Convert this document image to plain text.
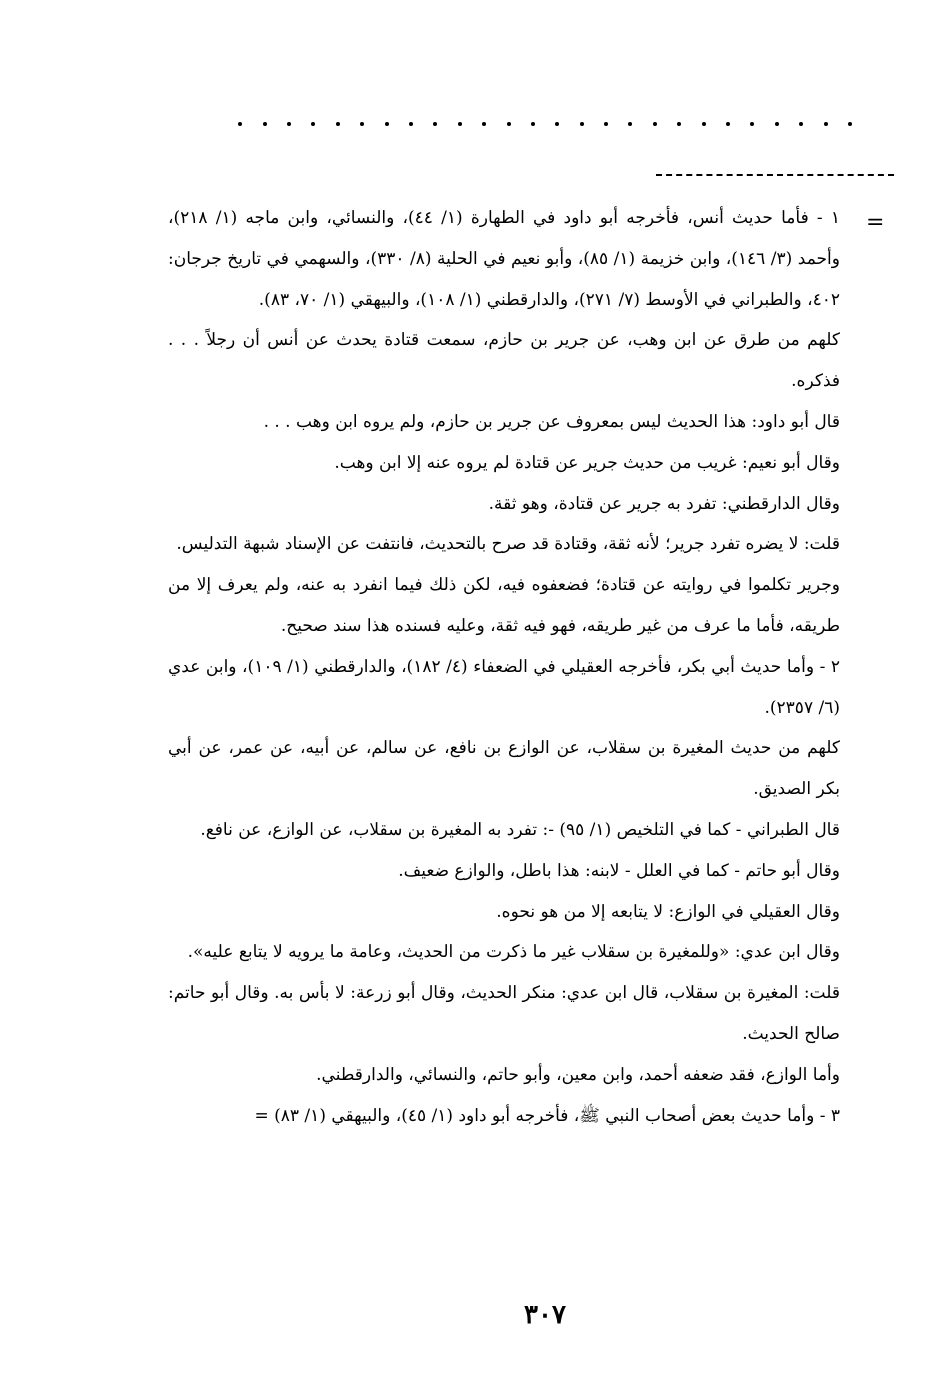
=

١ - فأما حديث أنس، فأخرجه أبو داود في الطهارة (١/ ٤٤)، والنسائي، وابن ماجه (١/ ٢١٨)، وأحمد (٣/ ١٤٦)، وابن خزيمة (١/ ٨٥)، وأبو نعيم في الحلية (٨/ ٣٣٠)، والسهمي في تاريخ جرجان: ٤٠٢، والطبراني في الأوسط (٧/ ٢٧١)، والدارقطني (١/ ١٠٨)، والبيهقي (١/ ٧٠، ٨٣).

كلهم من طرق عن ابن وهب، عن جرير بن حازم، سمعت قتادة يحدث عن أنس أن رجلاً . . . فذكره.

قال أبو داود: هذا الحديث ليس بمعروف عن جرير بن حازم، ولم يروه ابن وهب . . .

وقال أبو نعيم: غريب من حديث جرير عن قتادة لم يروه عنه إلا ابن وهب.

وقال الدارقطني: تفرد به جرير عن قتادة، وهو ثقة.

قلت: لا يضره تفرد جرير؛ لأنه ثقة، وقتادة قد صرح بالتحديث، فانتفت عن الإسناد شبهة التدليس.

وجرير تكلموا في روايته عن قتادة؛ فضعفوه فيه، لكن ذلك فيما انفرد به عنه، ولم يعرف إلا من طريقه، فأما ما عرف من غير طريقه، فهو فيه ثقة، وعليه فسنده هذا سند صحيح.

٢ - وأما حديث أبي بكر، فأخرجه العقيلي في الضعفاء (٤/ ١٨٢)، والدارقطني (١/ ١٠٩)، وابن عدي (٦/ ٢٣٥٧).

كلهم من حديث المغيرة بن سقلاب، عن الوازع بن نافع، عن سالم، عن أبيه، عن عمر، عن أبي بكر الصديق.

قال الطبراني - كما في التلخيص (١/ ٩٥) -: تفرد به المغيرة بن سقلاب، عن الوازع، عن نافع.

وقال أبو حاتم - كما في العلل - لابنه: هذا باطل، والوازع ضعيف.

وقال العقيلي في الوازع: لا يتابعه إلا من هو نحوه.

وقال ابن عدي: «وللمغيرة بن سقلاب غير ما ذكرت من الحديث، وعامة ما يرويه لا يتابع عليه».

قلت: المغيرة بن سقلاب، قال ابن عدي: منكر الحديث، وقال أبو زرعة: لا بأس به. وقال أبو حاتم: صالح الحديث.

وأما الوازع، فقد ضعفه أحمد، وابن معين، وأبو حاتم، والنسائي، والدارقطني.

٣ - وأما حديث بعض أصحاب النبي ﷺ، فأخرجه أبو داود (١/ ٤٥)، والبيهقي (١/ ٨٣) =

٣٠٧
